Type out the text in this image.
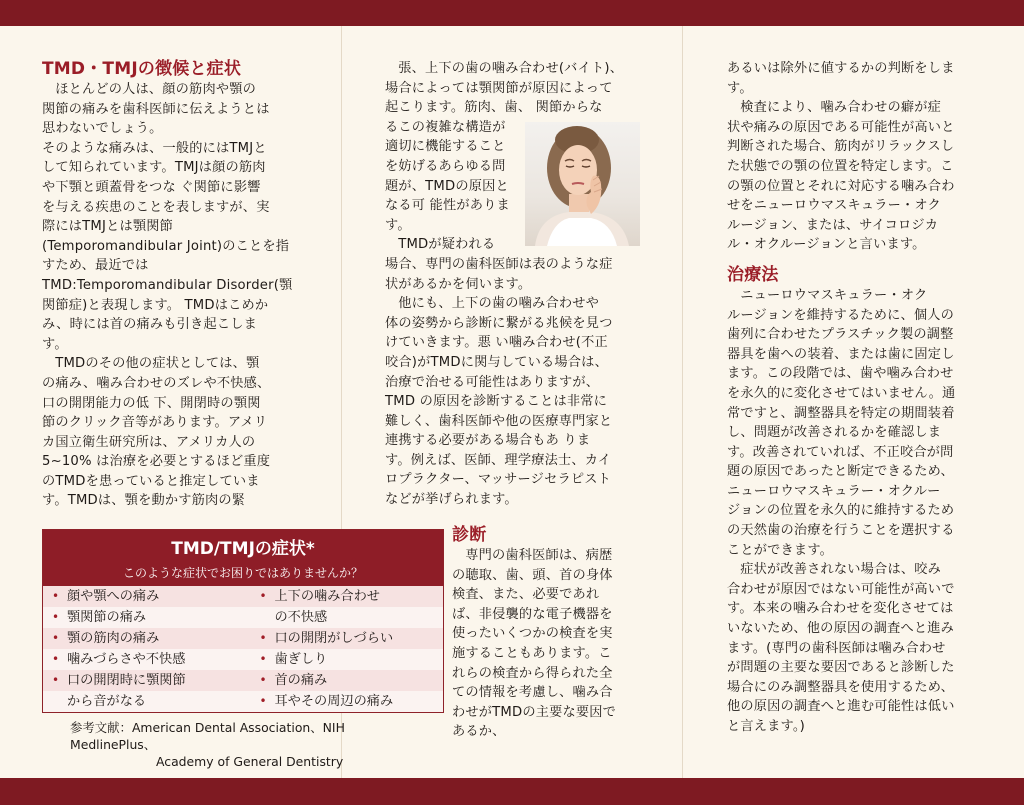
TMD・TMJの徴候と症状

ほとんどの人は、顔の筋肉や顎の

関節の痛みを歯科医師に伝えようとは

思わないでしょう。

そのような痛みは、一般的にはTMJと

して知られています。TMJは顔の筋肉

や下顎と頭蓋骨をつな ぐ関節に影響

を与える疾患のことを表しますが、実

際にはTMJとは顎関節

(Temporomandibular Joint)のことを指

すため、最近では

TMD:Temporomandibular Disorder(顎

関節症)と表現します。 TMDはこめか

み、時には首の痛みも引き起こしま

す。

TMDのその他の症状としては、顎

の痛み、噛み合わせのズレや不快感、

口の開閉能力の低 下、開閉時の顎関

節のクリック音等があります。アメリ

カ国立衛生研究所は、アメリカ人の

5~10% は治療を必要とするほど重度

のTMDを患っていると推定していま

す。TMDは、顎を動かす筋肉の緊

TMD/TMJの症状*
このような症状でお困りではありませんか？
• 顔や顎への痛み	• 上下の噛み合わせ
• 顎関節の痛み	の不快感
• 顎の筋肉の痛み	• 口の開閉がしづらい
• 噛みづらさや不快感	• 歯ぎしり
• 口の開閉時に顎関節	• 首の痛み
から音がなる	• 耳やその周辺の痛み
参考文献：American Dental Association、NIH MedlinePlus、
Academy of General Dentistry

張、上下の歯の噛み合わせ(バイト)、

場合によっては顎関節が原因によって

起こります。筋肉、歯、 関節からな

るこの複雑な構造が

適切に機能すること

を妨げるあらゆる問

題が、TMDの原因と

なる可 能性がありま

す。

TMDが疑われる

場合、専門の歯科医師は表のような症

状があるかを伺います。

他にも、上下の歯の噛み合わせや

体の姿勢から診断に繋がる兆候を見つ

けていきます。悪 い噛み合わせ(不正

咬合)がTMDに関与している場合は、

治療で治せる可能性はありますが、

TMD の原因を診断することは非常に

難しく、歯科医師や他の医療専門家と

連携する必要がある場合もあ りま

す。例えば、医師、理学療法士、カイ

ロプラクター、マッサージセラピスト

などが挙げられます。

診断

専門の歯科医師は、病歴

の聴取、歯、頭、首の身体

検査、また、必要であれ

ば、非侵襲的な電子機器を

使ったいくつかの検査を実

施することもあります。こ

れらの検査から得られた全

ての情報を考慮し、噛み合

わせがTMDの主要な要因で

あるか、

あるいは除外に値するかの判断をしま

す。

検査により、噛み合わせの癖が症

状や痛みの原因である可能性が高いと

判断された場合、筋肉がリラックスし

た状態での顎の位置を特定します。こ

の顎の位置とそれに対応する噛み合わ

せをニューロウマスキュラー・オク

ルージョン、または、サイコロジカ

ル・オクルージョンと言います。

治療法

ニューロウマスキュラー・オク

ルージョンを維持するために、個人の

歯列に合わせたプラスチック製の調整

器具を歯への装着、または歯に固定し

ます。この段階では、歯や噛み合わせ

を永久的に変化させてはいません。通

常ですと、調整器具を特定の期間装着

し、問題が改善されるかを確認しま

す。改善されていれば、不正咬合が問

題の原因であったと断定できるため、

ニューロウマスキュラー・オクルー

ジョンの位置を永久的に維持するため

の天然歯の治療を行うことを選択する

ことができます。

症状が改善されない場合は、咬み

合わせが原因ではない可能性が高いで

す。本来の噛み合わせを変化させては

いないため、他の原因の調査へと進み

ます。(専門の歯科医師は噛み合わせ

が問題の主要な要因であると診断した

場合にのみ調整器具を使用するため、

他の原因の調査へと進む可能性は低い

と言えます。)
